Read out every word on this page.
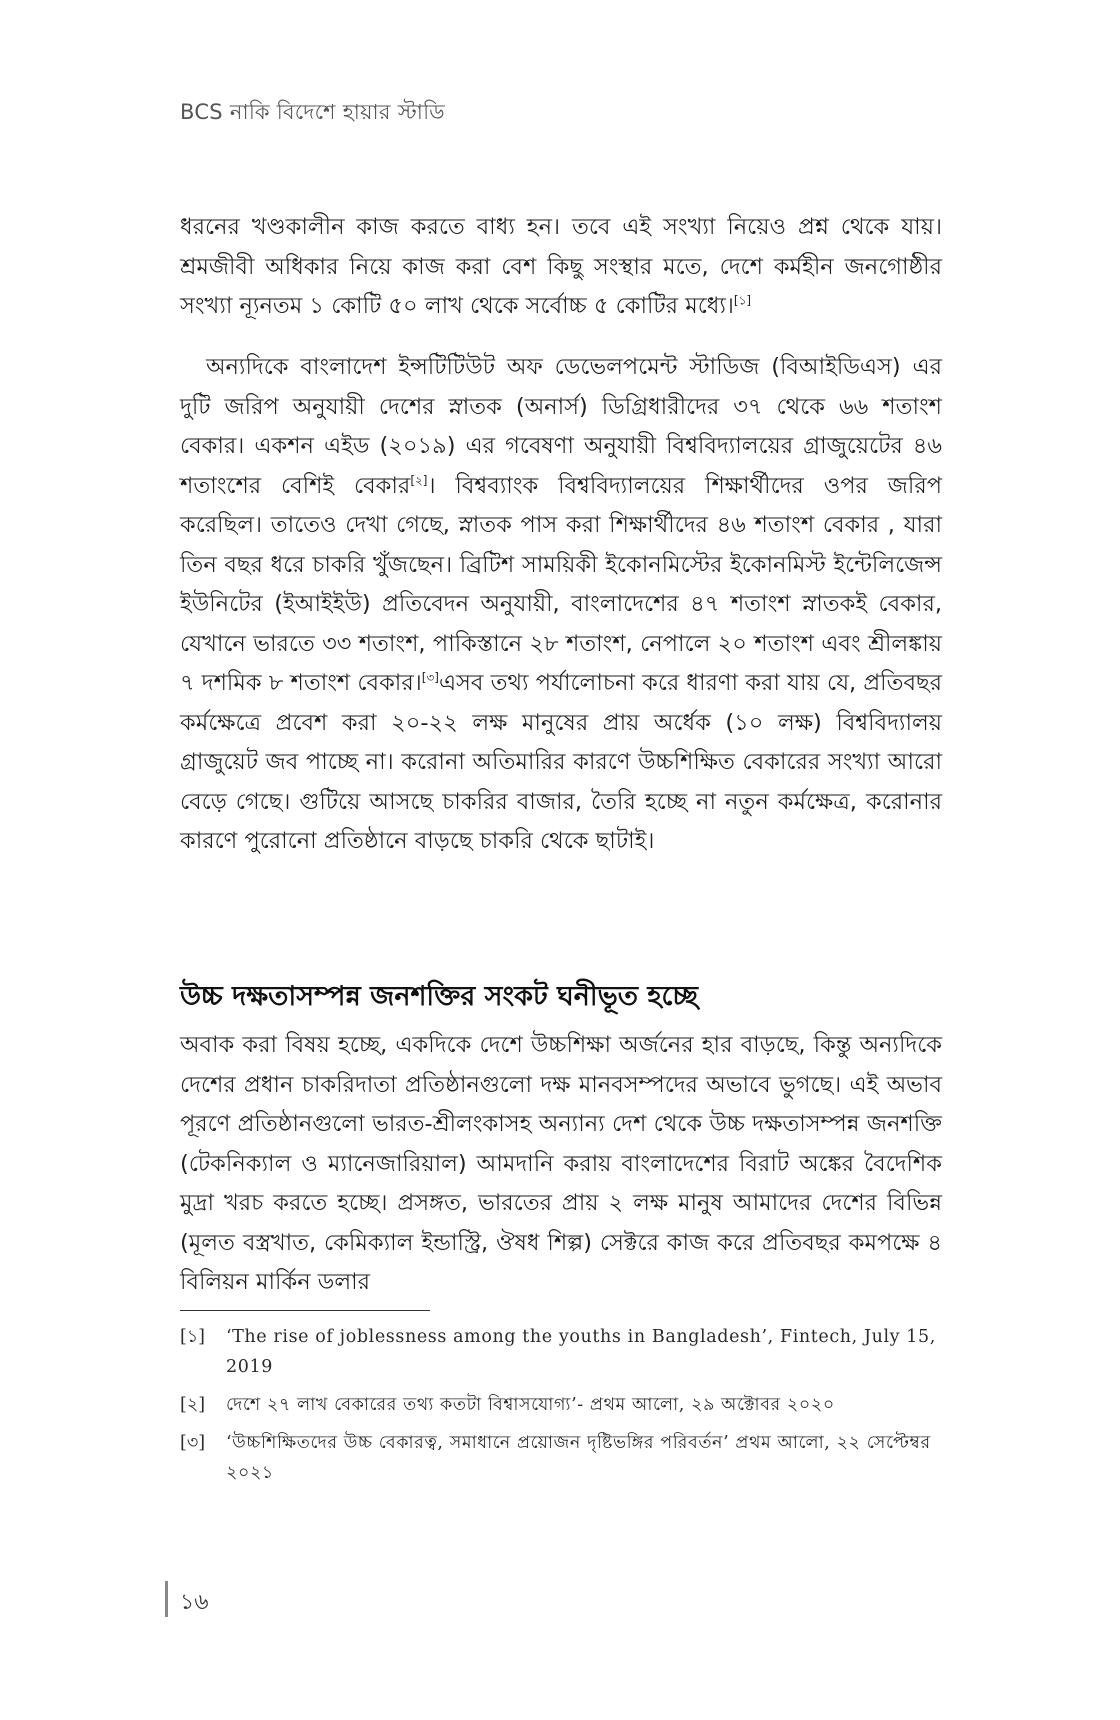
BCS নাকি বিদেশে হায়ার স্টাডি

ধরনের খণ্ডকালীন কাজ করতে বাধ্য হন। তবে এই সংখ্যা নিয়েও প্রশ্ন থেকে যায়। শ্রমজীবী অধিকার নিয়ে কাজ করা বেশ কিছু সংস্থার মতে, দেশে কর্মহীন জনগোষ্ঠীর সংখ্যা ন্যূনতম ১ কোটি ৫০ লাখ থেকে সর্বোচ্চ ৫ কোটির মধ্যে।[১]

অন্যদিকে বাংলাদেশ ইন্সটিটিউট অফ ডেভেলপমেন্ট স্টাডিজ (বিআইডিএস) এর দুটি জরিপ অনুযায়ী দেশের স্নাতক (অনার্স) ডিগ্রিধারীদের ৩৭ থেকে ৬৬ শতাংশ বেকার। একশন এইড (২০১৯) এর গবেষণা অনুযায়ী বিশ্ববিদ্যালয়ের গ্রাজুয়েটের ৪৬ শতাংশের বেশিই বেকার[২]। বিশ্বব্যাংক বিশ্ববিদ্যালয়ের শিক্ষার্থীদের ওপর জরিপ করেছিল। তাতেও দেখা গেছে, স্নাতক পাস করা শিক্ষার্থীদের ৪৬ শতাংশ বেকার , যারা তিন বছর ধরে চাকরি খুঁজছেন। ব্রিটিশ সাময়িকী ইকোনমিস্টের ইকোনমিস্ট ইন্টেলিজেন্স ইউনিটের (ইআইইউ) প্রতিবেদন অনুযায়ী, বাংলাদেশের ৪৭ শতাংশ স্নাতকই বেকার, যেখানে ভারতে ৩৩ শতাংশ, পাকিস্তানে ২৮ শতাংশ, নেপালে ২০ শতাংশ এবং শ্রীলঙ্কায় ৭ দশমিক ৮ শতাংশ বেকার।[৩]এসব তথ্য পর্যালোচনা করে ধারণা করা যায় যে, প্রতিবছর কর্মক্ষেত্রে প্রবেশ করা ২০-২২ লক্ষ মানুষের প্রায় অর্ধেক (১০ লক্ষ) বিশ্ববিদ্যালয় গ্রাজুয়েট জব পাচ্ছে না। করোনা অতিমারির কারণে উচ্চশিক্ষিত বেকারের সংখ্যা আরো বেড়ে গেছে। গুটিয়ে আসছে চাকরির বাজার, তৈরি হচ্ছে না নতুন কর্মক্ষেত্র, করোনার কারণে পুরোনো প্রতিষ্ঠানে বাড়ছে চাকরি থেকে ছাটাই।

উচ্চ দক্ষতাসম্পন্ন জনশক্তির সংকট ঘনীভূত হচ্ছে

অবাক করা বিষয় হচ্ছে, একদিকে দেশে উচ্চশিক্ষা অর্জনের হার বাড়ছে, কিন্তু অন্যদিকে দেশের প্রধান চাকরিদাতা প্রতিষ্ঠানগুলো দক্ষ মানবসম্পদের অভাবে ভুগছে। এই অভাব পূরণে প্রতিষ্ঠানগুলো ভারত-শ্রীলংকাসহ অন্যান্য দেশ থেকে উচ্চ দক্ষতাসম্পন্ন জনশক্তি (টেকনিক্যাল ও ম্যানেজারিয়াল) আমদানি করায় বাংলাদেশের বিরাট অঙ্কের বৈদেশিক মুদ্রা খরচ করতে হচ্ছে। প্রসঙ্গত, ভারতের প্রায় ২ লক্ষ মানুষ আমাদের দেশের বিভিন্ন (মূলত বস্ত্রখাত, কেমিক্যাল ইন্ডাস্ট্রি, ঔষধ শিল্প) সেক্টরে কাজ করে প্রতিবছর কমপক্ষে ৪ বিলিয়ন মার্কিন ডলার

[১] ‘The rise of joblessness among the youths in Bangladesh’, Fintech, July 15, 2019

[২] দেশে ২৭ লাখ বেকারের তথ্য কতটা বিশ্বাসযোগ্য’- প্রথম আলো, ২৯ অক্টোবর ২০২০

[৩] ‘উচ্চশিক্ষিতদের উচ্চ বেকারত্ব, সমাধানে প্রয়োজন দৃষ্টিভঙ্গির পরিবর্তন’ প্রথম আলো, ২২ সেপ্টেম্বর ২০২১

১৬
